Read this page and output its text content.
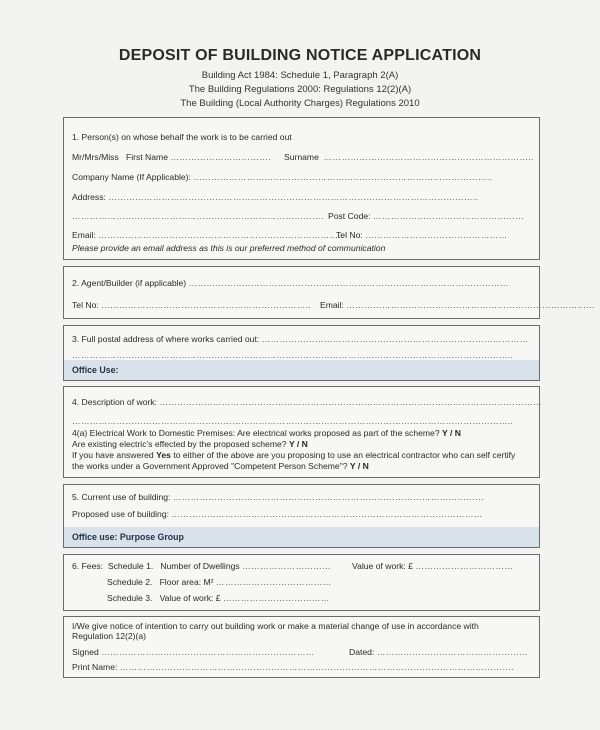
DEPOSIT OF BUILDING NOTICE APPLICATION
Building Act 1984: Schedule 1, Paragraph 2(A)
The Building Regulations 2000: Regulations 12(2)(A)
The Building (Local Authority Charges) Regulations 2010
1. Person(s) on whose behalf the work is to be carried out
Mr/Mrs/Miss First Name ……………………………. Surname ……………………………………………………………..
Company Name (If Applicable): ………………………………………………………………………………………..
Address: ……………………………………………………………………………………………………………..
…………………………………………………………………………. Post Code: ……………………………………………
Email: ………………………………………………………………………..
Tel No: …………………………………………
Please provide an email address as this is our preferred method of communication
2. Agent/Builder (if applicable) ………………………………………………………………………………………………
Tel No: …………………………………………………………….. Email: ………………………………………………………………………...
3. Full postal address of where works carried out: ………………………………………………………………………………
…………………………………………………………………………………………………………………………………..
Office Use:
4. Description of work: …………………………………………………………………………………………………………………
…………………………………………………………………………………………………………………………………..
4(a) Electrical Work to Domestic Premises: Are electrical works proposed as part of the scheme? Y / N
Are existing electric's effected by the proposed scheme? Y / N
If you have answered Yes to either of the above are you proposing to use an electrical contractor who can self certify
the works under a Government Approved "Competent Person Scheme"? Y / N
5. Current use of building: ……………………………………………………………………………………………
Proposed use of building: ……………………………………………………………………………………………
Office use: Purpose Group
6. Fees: Schedule 1. Number of Dwellings ………………………… Value of work: £ ……………………………
Schedule 2. Floor area: M² …………………………………
Schedule 3. Value of work: £ ………………………………
I/We give notice of intention to carry out building work or make a material change of use in accordance with
Regulation 12(2)(a)
Signed ………………………………………………………………	Dated: ……………………………………………
Print Name: …………………………………………………………………………………………………………………….
